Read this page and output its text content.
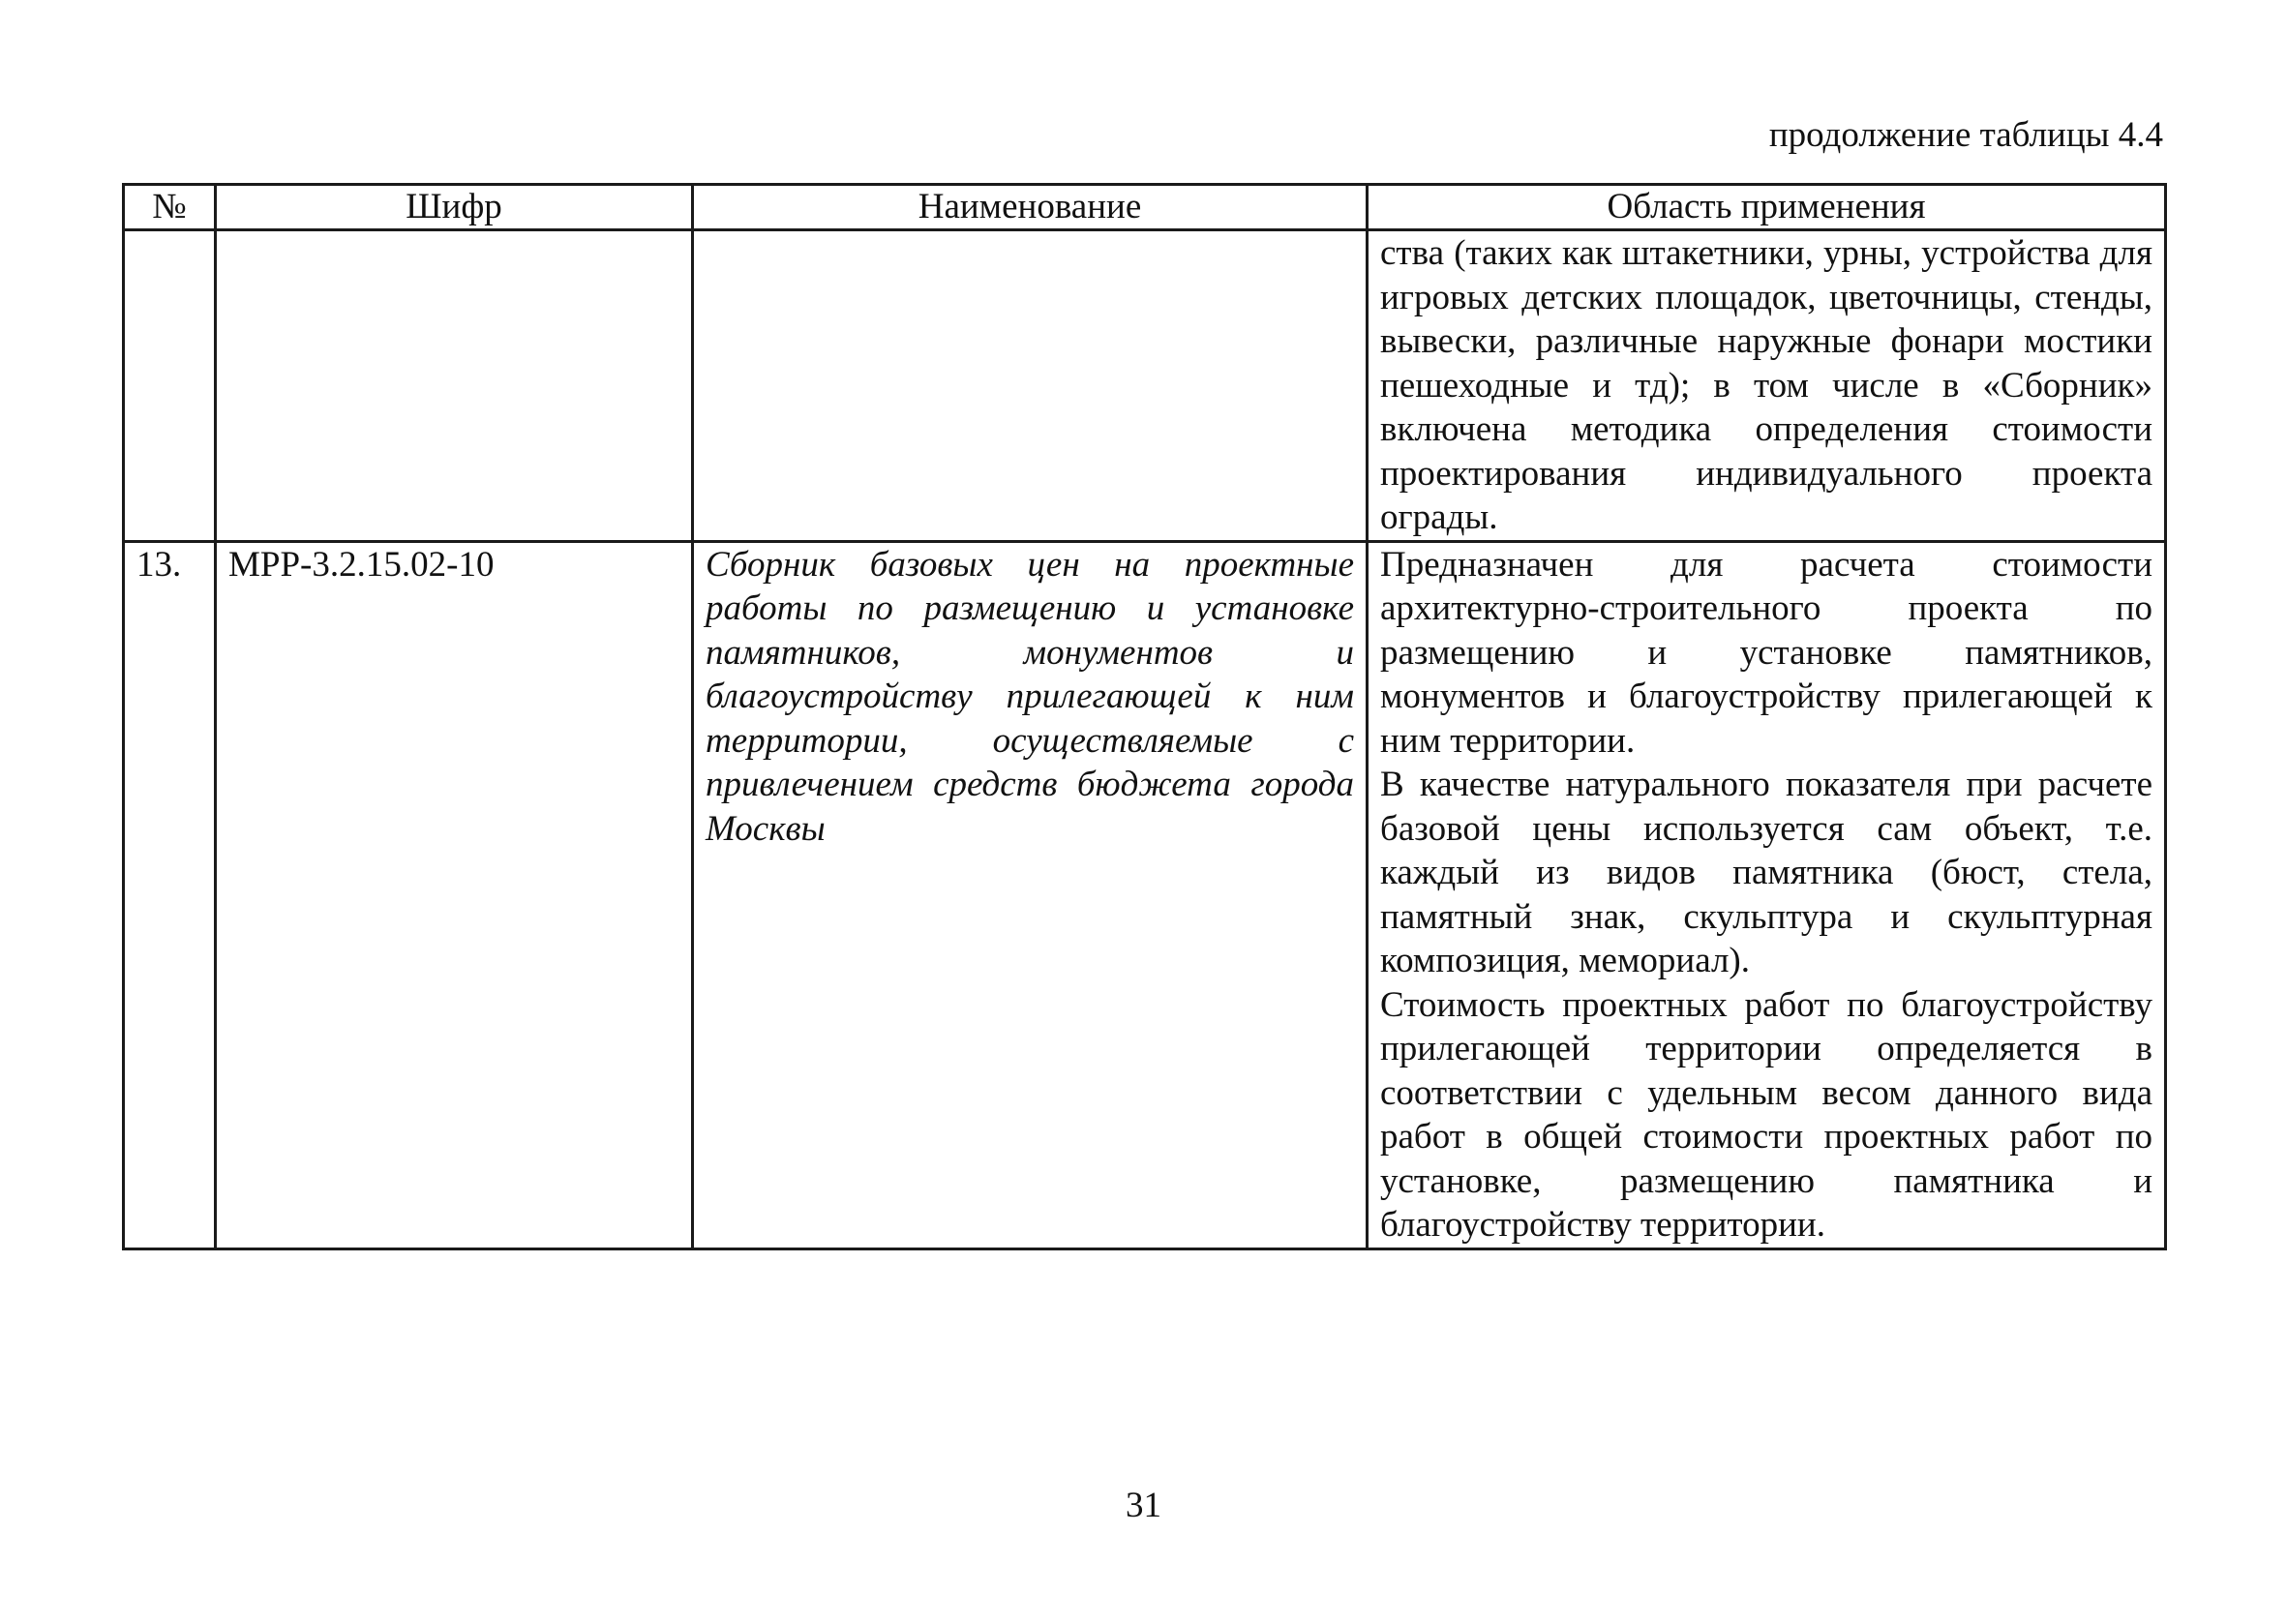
продолжение таблицы 4.4
№	Шифр	Наименование	Область применения

			ства (таких как штакетники, урны, устройства для игровых детских площадок, цветочницы, стенды, вывески, различные наружные фонари мостики пешеходные и тд); в том числе в «Сборник» включена методика определения стоимости проектирования индивидуального проекта ограды.

13.	МРР-3.2.15.02-10	Сборник базовых цен на проектные работы по размещению и установке памятников, монументов и благоустройству прилегающей к ним территории, осуществляемые с привлечением средств бюджета города Москвы	Предназначен для расчета стоимости архитектурно-строительного проекта по размещению и установке памятников, монументов и благоустройству прилегающей к ним территории.

В качестве натурального показателя при расчете базовой цены используется сам объект, т.е. каждый из видов памятника (бюст, стела, памятный знак, скульптура и скульптурная композиция, мемориал).

Стоимость проектных работ по благоустройству прилегающей территории определяется в соответствии с удельным весом данного вида работ в общей стоимости проектных работ по установке, размещению памятника и благоустройству территории.

31
